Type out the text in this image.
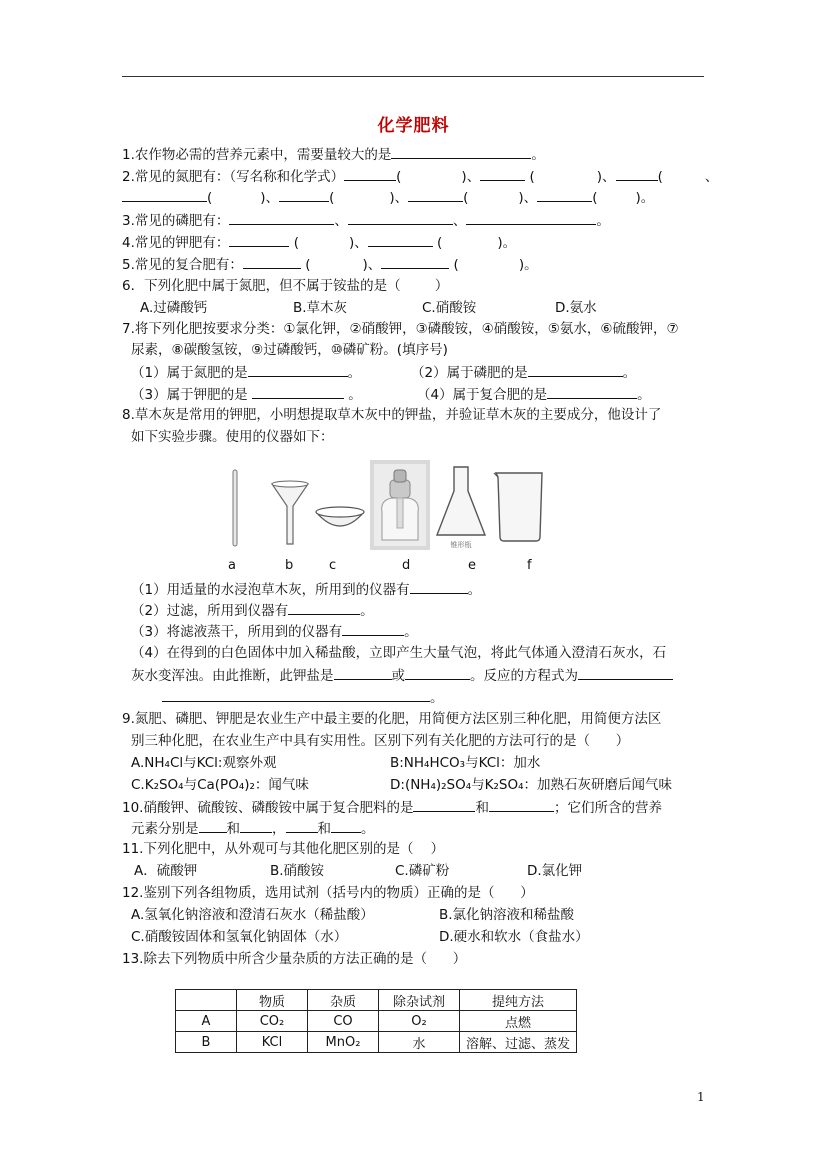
化学肥料
1.农作物必需的营养元素中，需要量较大的是	。
2.常见的氮肥有：（写名称和化学式）	(	)、	(	)、	(	、
(	)、	(	)、	(	)、	(	)。
3.常见的磷肥有：	、	、	。
4.常见的钾肥有：	(	)、	(	)。
5.常见的复合肥有：	(	)、	(	)。
6．下列化肥中属于氮肥，但不属于铵盐的是（        ）
A.过磷酸钙	B.草木灰	C.硝酸铵	D.氨水
7.将下列化肥按要求分类：①氯化钾，②硝酸钾，③磷酸铵，④硝酸铵，⑤氨水，⑥硫酸钾，⑦
尿素，⑧碳酸氢铵，⑨过磷酸钙，⑩磷矿粉。(填序号)
（1）属于氮肥的是	。	（2）属于磷肥的是	。
（3）属于钾肥的是	。	（4）属于复合肥的是	。
8.草木灰是常用的钾肥，小明想提取草木灰中的钾盐，并验证草木灰的主要成分，他设计了
如下实验步骤。使用的仪器如下：
锥形瓶
a	b	c	d	e	f
（1）用适量的水浸泡草木灰，所用到的仪器有	。
（2）过滤，所用到仪器有	。
（3）将滤液蒸干，所用到的仪器有	。
（4）在得到的白色固体中加入稀盐酸，立即产生大量气泡，将此气体通入澄清石灰水，石
灰水变浑浊。由此推断，此钾盐是	或	。反应的方程式为
。
9.氮肥、磷肥、钾肥是农业生产中最主要的化肥，用简便方法区别三种化肥，用简便方法区
别三种化肥，在农业生产中具有实用性。区别下列有关化肥的方法可行的是（      ）
A.NH₄Cl与KCl:观察外观	B:NH₄HCO₃与KCl：加水
C.K₂SO₄与Ca(PO₄)₂：闻气味	D:(NH₄)₂SO₄与K₂SO₄：加熟石灰研磨后闻气味
10.硝酸钾、硫酸铵、磷酸铵中属于复合肥料的是	和	；它们所含的营养
元素分别是 和 ， 和 。
11.下列化肥中，从外观可与其他化肥区别的是（    ）
A．硫酸钾	B.硝酸铵	C.磷矿粉	D.氯化钾
12.鉴别下列各组物质，选用试剂（括号内的物质）正确的是（      ）
A.氢氧化钠溶液和澄清石灰水（稀盐酸）	B.氯化钠溶液和稀盐酸
C.硝酸铵固体和氢氧化钠固体（水）	D.硬水和软水（食盐水）
13.除去下列物质中所含少量杂质的方法正确的是（      ）
	物质	杂质	除杂试剂	提纯方法
A	CO₂	CO	O₂	点燃
B	KCl	MnO₂	水	溶解、过滤、蒸发
1
